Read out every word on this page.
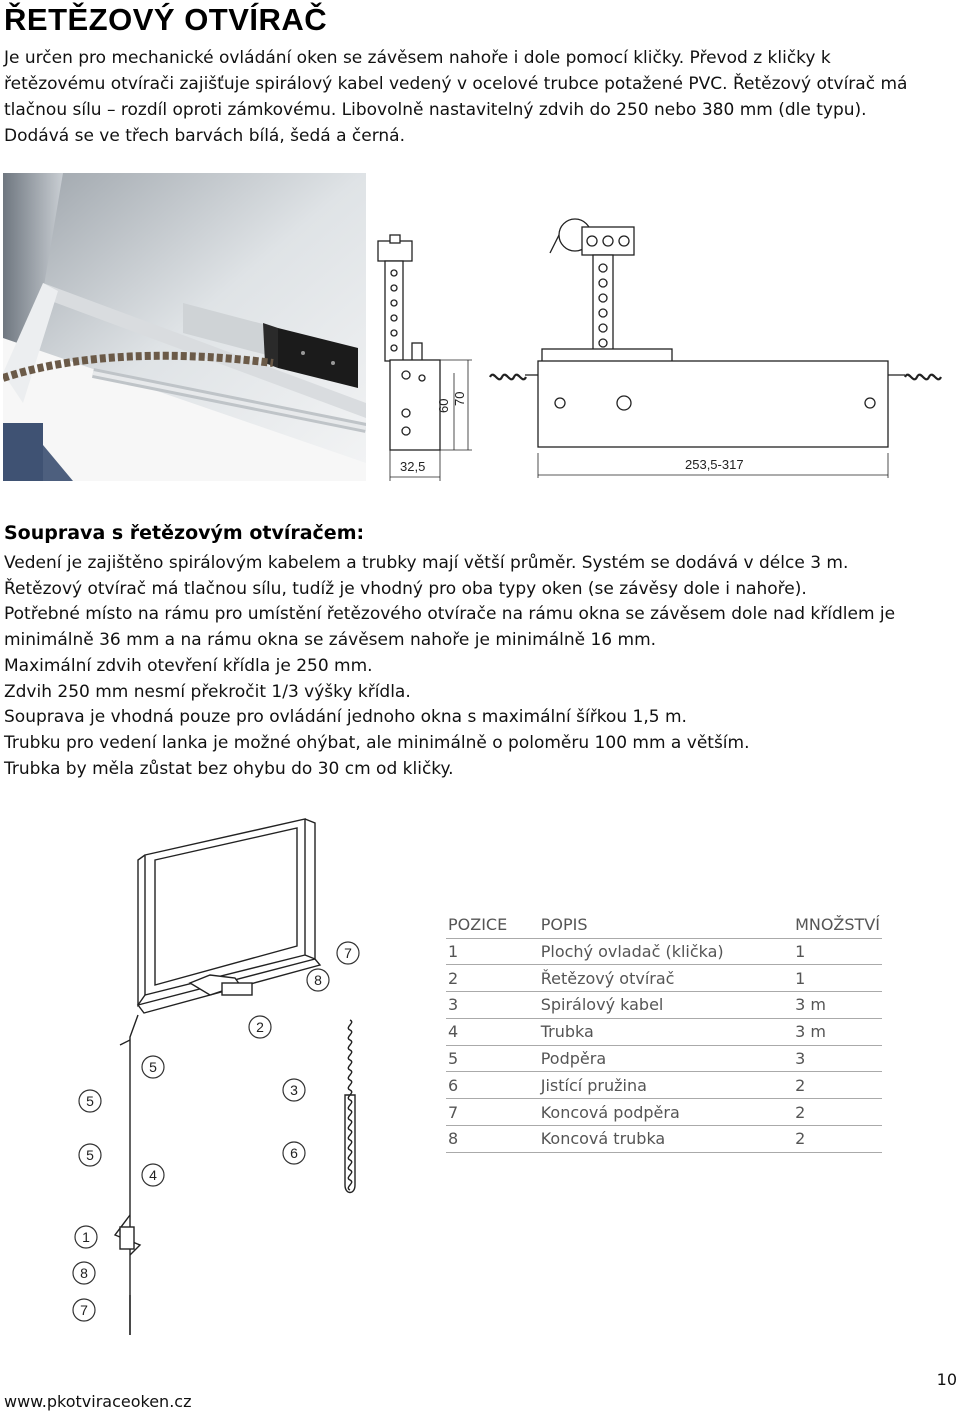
ŘETĚZOVÝ OTVÍRAČ

Je určen pro mechanické ovládání oken se závěsem nahoře i dole pomocí kličky. Převod z kličky k

řetězovému otvírači zajišťuje spirálový kabel vedený v ocelové trubce potažené PVC. Řetězový otvírač má

tlačnou sílu – rozdíl oproti zámkovému. Libovolně nastavitelný zdvih do 250 nebo 380 mm (dle typu).

Dodává se ve třech barvách bílá, šedá a černá.

60 70
32,5	253,5-317
Souprava s řetězovým otvíračem:
Vedení je zajištěno spirálovým kabelem a trubky mají větší průměr. Systém se dodává v délce 3 m.
Řetězový otvírač má tlačnou sílu, tudíž je vhodný pro oba typy oken (se závěsy dole i nahoře).
Potřebné místo na rámu pro umístění řetězového otvírače na rámu okna se závěsem dole nad křídlem je
minimálně 36 mm a na rámu okna se závěsem nahoře je minimálně 16 mm.
Maximální zdvih otevření křídla je 250 mm.
Zdvih 250 mm nesmí překročit 1/3 výšky křídla.
Souprava je vhodná pouze pro ovládání jednoho okna s maximální šířkou 1,5 m.
Trubku pro vedení lanka je možné ohýbat, ale minimálně o poloměru 100 mm a větším.
Trubka by měla zůstat bez ohybu do 30 cm od kličky.
1
2
3
4
5
5
5	6
7
7
8
8
POZICE	POPIS	MNOŽSTVÍ
1	Plochý ovladač (klička)	1
2	Řetězový otvírač	1
3	Spirálový kabel	3 m
4	Trubka	3 m
5	Podpěra	3
6	Jistící pružina	2
7	Koncová podpěra	2
8	Koncová trubka	2
10
www.pkotviraceoken.cz
